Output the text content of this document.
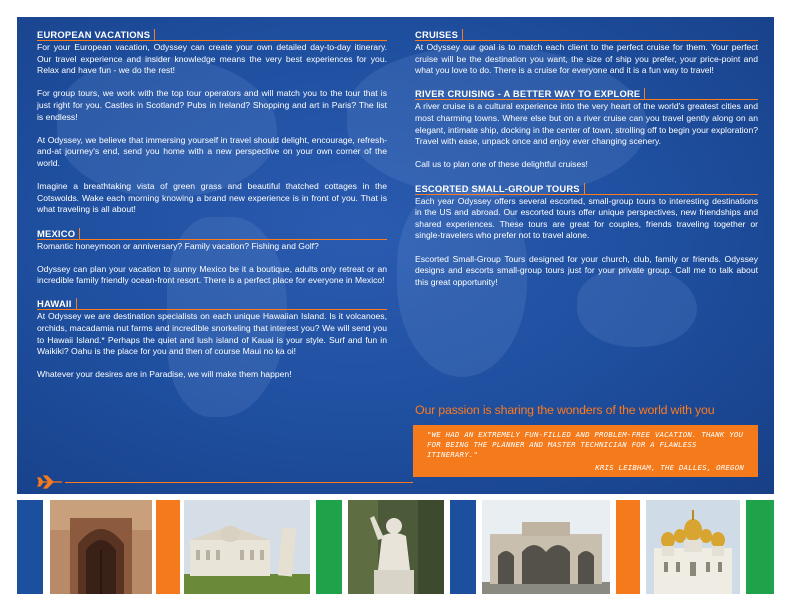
EUROPEAN VACATIONS

For your European vacation, Odyssey can create your own detailed day-to-day itinerary. Our travel experience and insider knowledge means the very best experiences for you. Relax and have fun - we do the rest!

For group tours, we work with the top tour operators and will match you to the tour that is just right for you. Castles in Scotland? Pubs in Ireland? Shopping and art in Paris? The list is endless!

At Odyssey, we believe that immersing yourself in travel should delight, encourage, refresh-and-at journey's end, send you home with a new perspective on your own corner of the world.

Imagine a breathtaking vista of green grass and beautiful thatched cottages in the Cotswolds. Wake each morning knowing a brand new experience is in front of you. That is what traveling is all about!

MEXICO

Romantic honeymoon or anniversary? Family vacation? Fishing and Golf?

Odyssey can plan your vacation to sunny Mexico be it a boutique, adults only retreat or an incredible family friendly ocean-front resort. There is a perfect place for everyone in Mexico!

HAWAII

At Odyssey we are destination specialists on each unique Hawaiian Island. Is it volcanoes, orchids, macadamia nut farms and incredible snorkeling that interest you? We will send you to Hawaii Island.* Perhaps the quiet and lush island of Kauai is your style. Surf and fun in Waikiki? Oahu is the place for you and then of course Maui no ka oi!

Whatever your desires are in Paradise, we will make them happen!

CRUISES

At Odyssey our goal is to match each client to the perfect cruise for them. Your perfect cruise will be the destination you want, the size of ship you prefer, your price-point and what you love to do. There is a cruise for everyone and it is a fun way to travel!

RIVER CRUISING - A BETTER WAY TO EXPLORE

A river cruise is a cultural experience into the very heart of the world's greatest cities and most charming towns. Where else but on a river cruise can you travel gently along on an elegant, intimate ship, docking in the center of town, strolling off to begin your exploration? Travel with ease, unpack once and enjoy ever changing scenery.

Call us to plan one of these delightful cruises!

ESCORTED SMALL-GROUP TOURS

Each year Odyssey offers several escorted, small-group tours to interesting destinations in the US and abroad. Our escorted tours offer unique perspectives, new friendships and shared experiences. These tours are great for couples, friends traveling together or single-travelers who prefer not to travel alone.

Escorted Small-Group Tours designed for your church, club, family or friends. Odyssey designs and escorts small-group tours just for your private group. Call me to talk about this great opportunity!

Our passion is sharing the wonders of the world with you
"WE HAD AN EXTREMELY FUN-FILLED AND PROBLEM-FREE VACATION. THANK YOU FOR BEING THE PLANNER AND MASTER TECHNICIAN FOR A FLAWLESS ITINERARY."
KRIS LEIBHAM, THE DALLES, OREGON
